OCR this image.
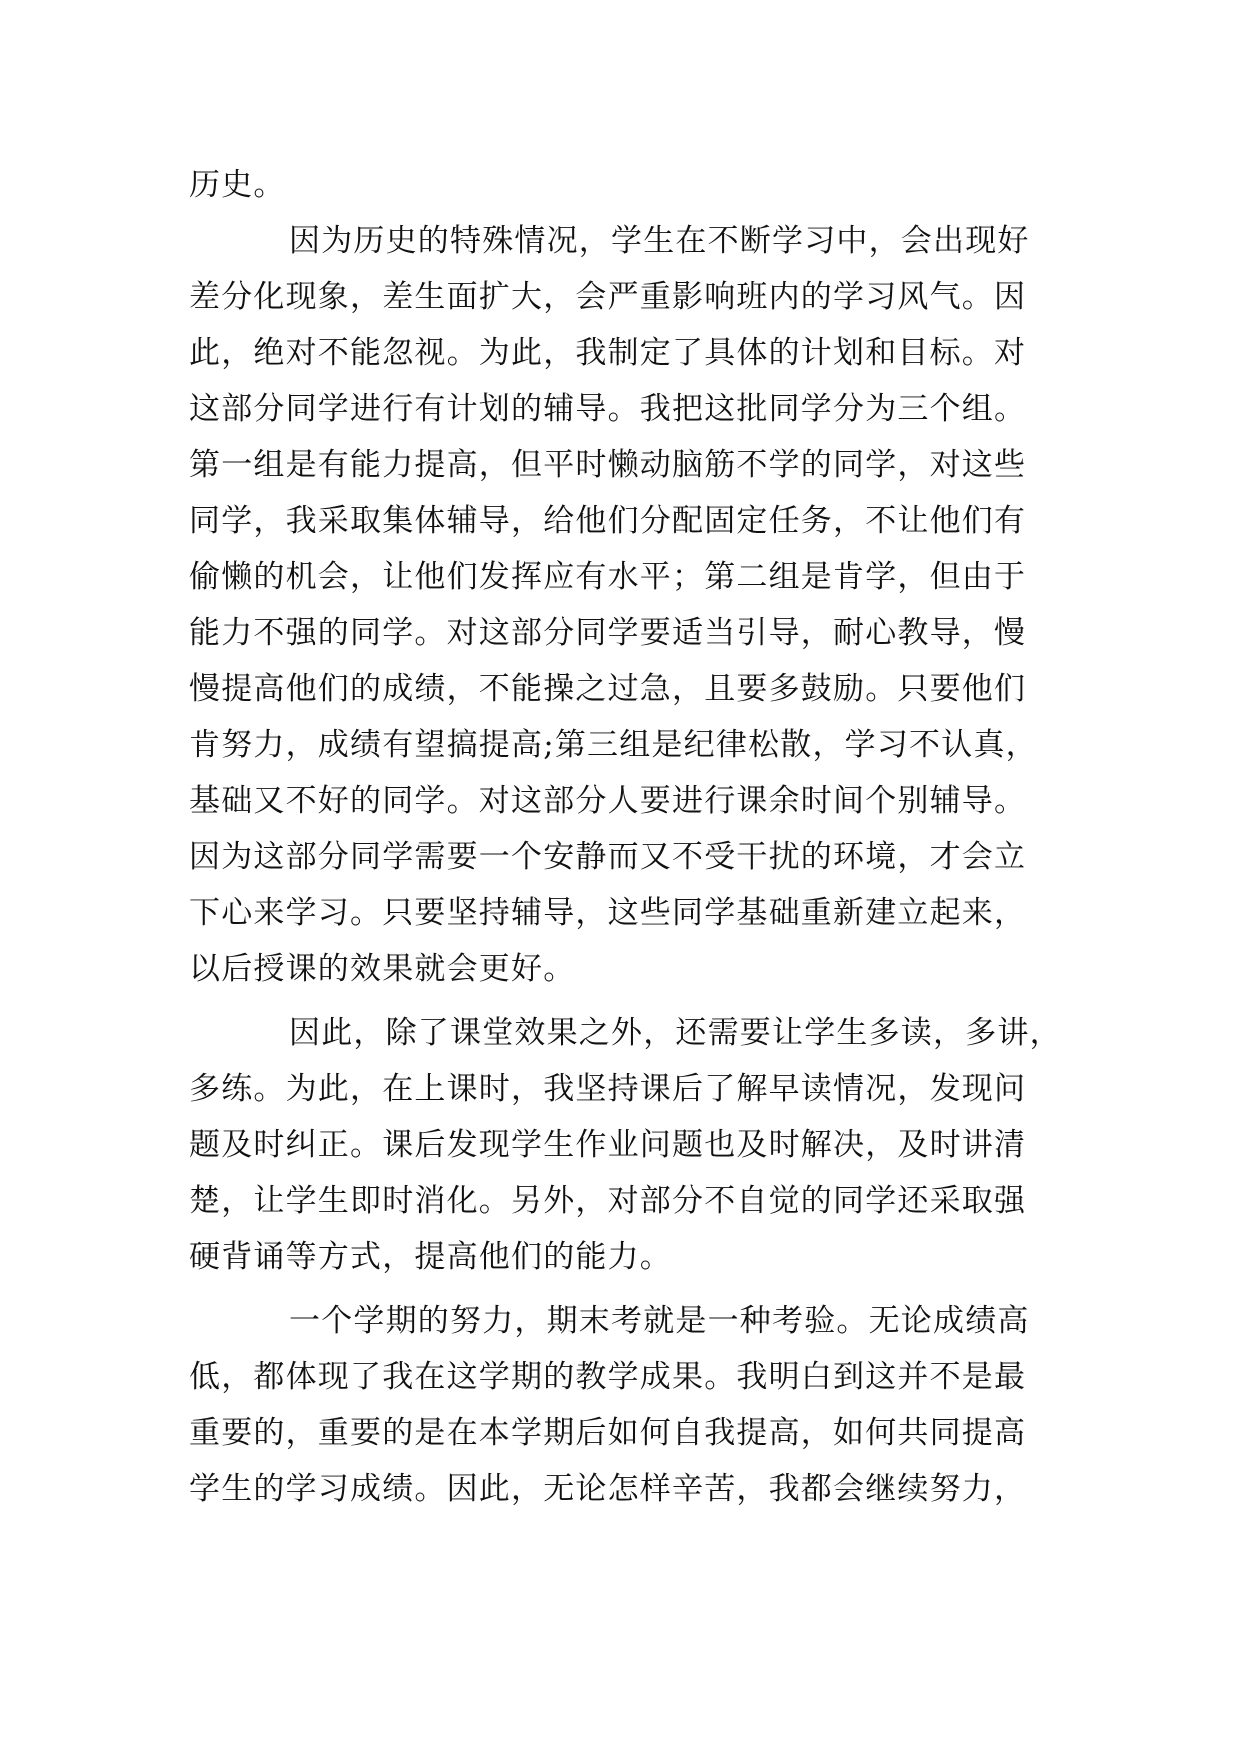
历史。
因为历史的特殊情况，学生在不断学习中，会出现好
差分化现象，差生面扩大，会严重影响班内的学习风气。因
此，绝对不能忽视。为此，我制定了具体的计划和目标。对
这部分同学进行有计划的辅导。我把这批同学分为三个组。
第一组是有能力提高，但平时懒动脑筋不学的同学，对这些
同学，我采取集体辅导，给他们分配固定任务，不让他们有
偷懒的机会，让他们发挥应有水平；第二组是肯学，但由于
能力不强的同学。对这部分同学要适当引导，耐心教导，慢
慢提高他们的成绩，不能操之过急，且要多鼓励。只要他们
肯努力，成绩有望搞提高;第三组是纪律松散，学习不认真，
基础又不好的同学。对这部分人要进行课余时间个别辅导。
因为这部分同学需要一个安静而又不受干扰的环境，才会立
下心来学习。只要坚持辅导，这些同学基础重新建立起来，
以后授课的效果就会更好。
因此，除了课堂效果之外，还需要让学生多读，多讲，
多练。为此，在上课时，我坚持课后了解早读情况，发现问
题及时纠正。课后发现学生作业问题也及时解决，及时讲清
楚，让学生即时消化。另外，对部分不自觉的同学还采取强
硬背诵等方式，提高他们的能力。
一个学期的努力，期末考就是一种考验。无论成绩高
低，都体现了我在这学期的教学成果。我明白到这并不是最
重要的，重要的是在本学期后如何自我提高，如何共同提高
学生的学习成绩。因此，无论怎样辛苦，我都会继续努力，
